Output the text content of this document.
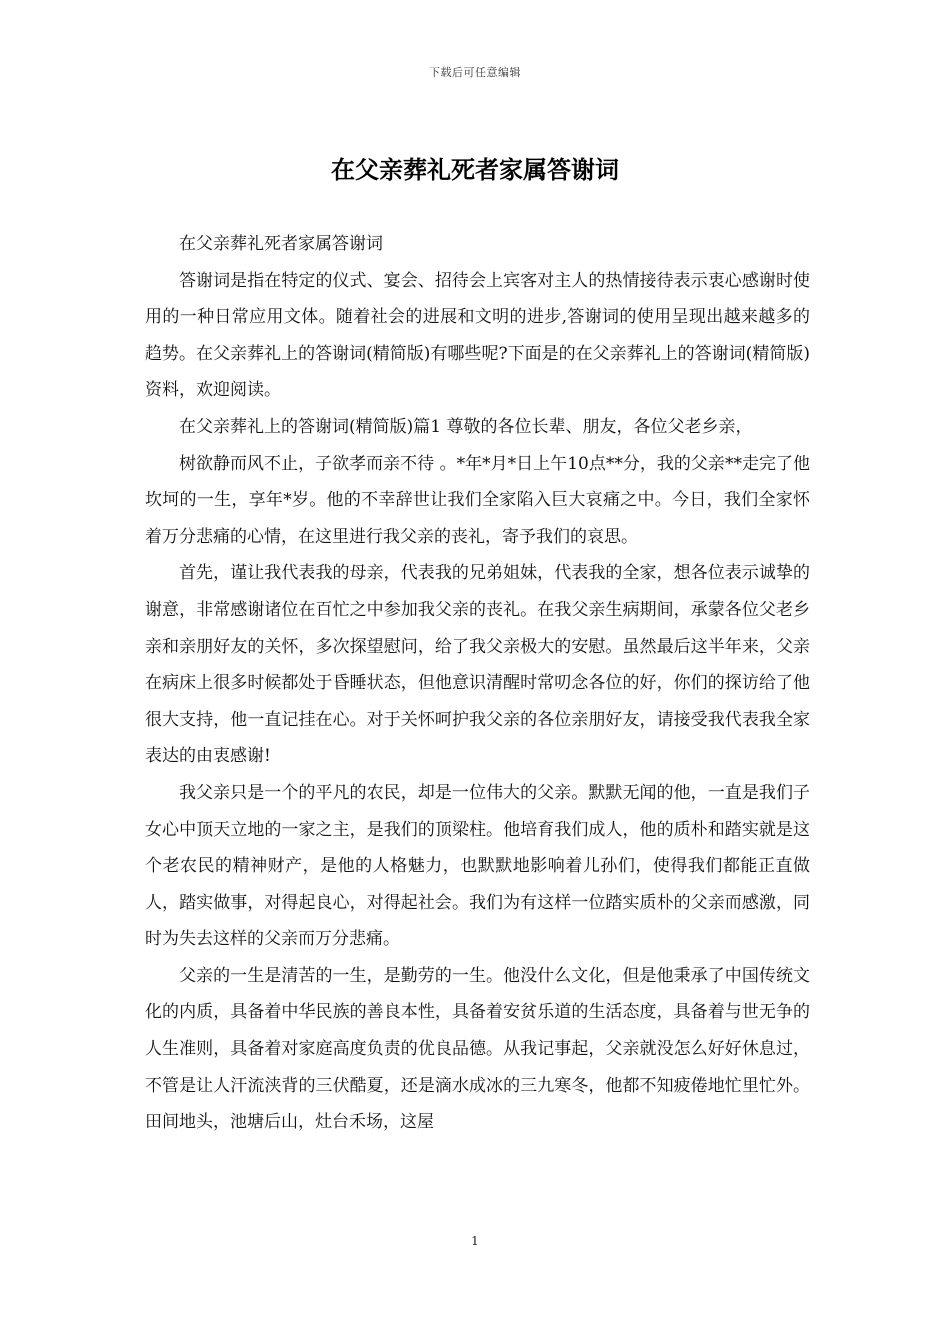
下载后可任意编辑
在父亲葬礼死者家属答谢词

在父亲葬礼死者家属答谢词

答谢词是指在特定的仪式、宴会、招待会上宾客对主人的热情接待表示衷心感谢时使用的一种日常应用文体。随着社会的进展和文明的进步,答谢词的使用呈现出越来越多的趋势。在父亲葬礼上的答谢词(精简版)有哪些呢?下面是的在父亲葬礼上的答谢词(精简版)资料，欢迎阅读。

在父亲葬礼上的答谢词(精简版)篇1 尊敬的各位长辈、朋友，各位父老乡亲，

树欲静而风不止，子欲孝而亲不待 。*年*月*日上午10点**分，我的父亲**走完了他坎坷的一生，享年*岁。他的不幸辞世让我们全家陷入巨大哀痛之中。今日，我们全家怀着万分悲痛的心情，在这里进行我父亲的丧礼，寄予我们的哀思。

首先，谨让我代表我的母亲，代表我的兄弟姐妹，代表我的全家，想各位表示诚挚的谢意，非常感谢诸位在百忙之中参加我父亲的丧礼。在我父亲生病期间，承蒙各位父老乡亲和亲朋好友的关怀，多次探望慰问，给了我父亲极大的安慰。虽然最后这半年来，父亲在病床上很多时候都处于昏睡状态，但他意识清醒时常叨念各位的好，你们的探访给了他很大支持，他一直记挂在心。对于关怀呵护我父亲的各位亲朋好友，请接受我代表我全家表达的由衷感谢!

我父亲只是一个的平凡的农民，却是一位伟大的父亲。默默无闻的他，一直是我们子女心中顶天立地的一家之主，是我们的顶梁柱。他培育我们成人，他的质朴和踏实就是这个老农民的精神财产，是他的人格魅力，也默默地影响着儿孙们，使得我们都能正直做人，踏实做事，对得起良心，对得起社会。我们为有这样一位踏实质朴的父亲而感激，同时为失去这样的父亲而万分悲痛。

父亲的一生是清苦的一生，是勤劳的一生。他没什么文化，但是他秉承了中国传统文化的内质，具备着中华民族的善良本性，具备着安贫乐道的生活态度，具备着与世无争的人生准则，具备着对家庭高度负责的优良品德。从我记事起，父亲就没怎么好好休息过，不管是让人汗流浃背的三伏酷夏，还是滴水成冰的三九寒冬，他都不知疲倦地忙里忙外。田间地头，池塘后山，灶台禾场，这屋

1
